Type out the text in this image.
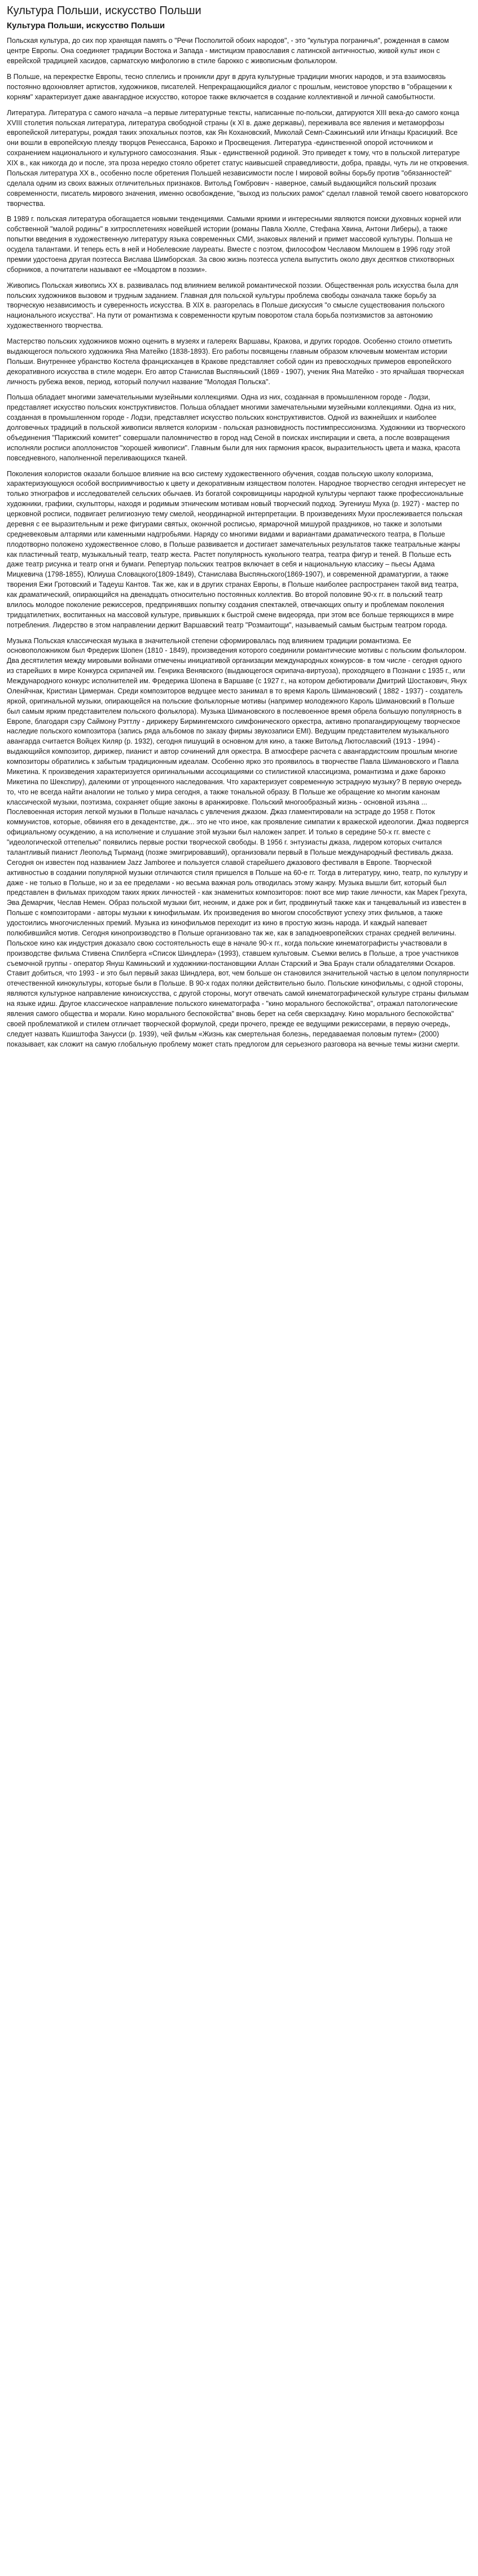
Культура Польши, искусство Польши
Культура Польши, искусство Польши

Польская культура, до сих пор хранящая память о "Речи Посполитой обоих народов", - это "культура пограничья", рожденная в самом центре Европы. Она соединяет традиции Востока и Запада - мистицизм православия с латинской античностью, живой культ икон с еврейской традицией хасидов, сарматскую мифологию в стиле барокко с живописным фольклором.

В Польше, на перекрестке Европы, тесно сплелись и проникли друг в друга культурные традиции многих народов, и эта взаимосвязь постоянно вдохновляет артистов, художников, писателей. Непрекращающийся диалог с прошлым, неистовое упорство в "обращении к корням" характеризует даже авангардное искусство, которое также включается в создание коллективной и личной самобытности.

Литература. Литература с самого начала –а первые литературные тексты, написанные по-польски, датируются XIII века-до самого конца XVIII столетия польская литература, литература свободной страны (к XI в. даже державы), переживала все явления и метаморфозы европейской литературы, рождая таких эпохальных поэтов, как Ян Кохановский, Миколай Семп-Сажинський или Игнацы Красицкий. Все они вошли в европейскую плеяду творцов Ренессанса, Барокко и Просвещения. Литература -единственной опорой источником и сохранением национального и культурного самосознания. Язык - единственной родиной. Это приведет к тому, что в польской литературе XIX в., как никогда до и после, эта проза нередко стояло обретет статус наивысшей справедливости, добра, правды, чуть ли не откровения. Польская литература XX в., особенно после обретения Польшей независимости после I мировой войны борьбу против "обязанностей" сделала одним из своих важных отличительных признаков. Витольд Гомбрович - наверное, самый выдающийся польский прозаик современности, писатель мирового значения, именно освобождение, "выход из польских рамок" сделал главной темой своего новаторского творчества.

В 1989 г. польская литература обогащается новыми тенденциями. Самыми яркими и интересными являются поиски духовных корней или собственной "малой родины" в хитросплетениях новейшей истории (романы Павла Хюлле, Стефана Хвина, Антони Либеры), а также попытки введения в художественную литературу языка современных СМИ, знаковых явлений и примет массовой культуры. Польша не осудела талантами. И теперь есть в ней и Нобелевские лауреаты. Вместе с поэтом, философом Чеславом Милошем в 1996 году этой премии удостоена другая поэтесса Вислава Шимборская. За свою жизнь поэтесса успела выпустить около двух десятков стихотворных сборников, а почитатели называют ее «Моцартом в поэзии».

Живопись Польская живопись XX в. развивалась под влиянием великой романтической поэзии. Общественная роль искусства была для польских художников вызовом и трудным заданием. Главная для польской культуры проблема свободы означала также борьбу за творческую независимость и суверенность искусства. В XIX в. разгорелась в Польше дискуссия "о смысле существования польского национального искусства". На пути от романтизма к современности крутым поворотом стала борьба поэтизмистов за автономию художественного творчества.

Мастерство польских художников можно оценить в музеях и галереях Варшавы, Кракова, и других городов. Особенно стоило отметить выдающегося польского художника Яна Матейко (1838-1893). Его работы посвящены главным образом ключевым моментам истории Польши. Внутреннее убранство Костела францисканцев в Кракове представляет собой один из превосходных примеров европейского декоративного искусства в стиле модерн. Его автор Станислав Выспяньский (1869 - 1907), ученик Яна Матейко - это ярчайшая творческая личность рубежа веков, период, который получил название "Молодая Польска".

Польша обладает многими замечательными музейными коллекциями. Одна из них, созданная в промышленном городе - Лодзи, представляет искусство польских конструктивистов. Польша обладает многими замечательными музейными коллекциями. Одна из них, созданная в промышленном городе - Лодзи, представляет искусство польских конструктивистов. Одной из важнейших и наиболее долговечных традиций в польской живописи является колоризм - польская разновидность постимпрессионизма. Художники из творческого объединения "Парижский комитет" совершали паломничество в город над Сеной в поисках инспирации и света, а после возвращения исполняли росписи аполлонистов "хорошей живописи". Главным были для них гармония красок, выразительность цвета и мазка, красота повседневного, наполненной переливающихся тканей.

Поколения колористов оказали большое влияние на всю систему художественного обучения, создав польскую школу колоризма, характеризующуюся особой восприимчивостью к цвету и декоративным изяществом полотен. Народное творчество сегодня интересует не только этнографов и исследователей сельских обычаев. Из богатой сокровищницы народной культуры черпают также профессиональные художники, графики, скульпторы, находя и родимым этническим мотивам новый творческий подход. Эугениуш Муха (р. 1927) - мастер по церковной росписи, подвигает религиозную тему смелой, неординарной интерпретации. В произведениях Мухи прослеживается польская деревня с ее выразительным и реже фигурами святых, окончной росписью, ярмарочной мишурой праздников, но также и золотыми средневековым алтарями или каменными надгробьями. Наряду со многими видами и вариантами драматического театра, в Польше плодотворно положено художественное слово, в Польше развивается и достигает замечательных результатов также театральные жанры как пластичный театр, музыкальный театр, театр жеста. Растет популярность кукольного театра, театра фигур и теней. В Польше есть даже театр рисунка и театр огня и бумаги. Репертуар польских театров включает в себя и национальную классику – пьесы Адама Мицкевича (1798-1855), Юлиуша Словацкого(1809-1849), Станислава Выспяньского(1869-1907), и современной драматургии, а также творения Ежи Гротовский и Тадеуш Кантов. Так же, как и в других странах Европы, в Польше наиболее распространен такой вид театра, как драматический, опирающийся на двенадцать относительно постоянных коллектив. Во второй половине 90-х гг. в польский театр влилось молодое поколение режиссеров, предпринявших попытку создания спектаклей, отвечающих опыту и проблемам поколения тридцатилетних, воспитанных на массовой культуре, привыкших к быстрой смене видеоряда, при этом все больше теряющихся в мире потребления. Лидерство в этом направлении держит Варшавский театр "Розмаитощи", называемый самым быстрым театром города.

Музыка Польская классическая музыка в значительной степени сформировалась под влиянием традиции романтизма. Ее основоположником был Фредерик Шопен (1810 - 1849), произведения которого соединили романтические мотивы с польским фольклором. Два десятилетия между мировыми войнами отмечены инициативой организации международных конкурсов- в том числе - сегодня одного из старейших в мире Конкурса скрипачей им. Генрика Венявского (выдающегося скрипача-виртуоза), проходящего в Познани с 1935 г., или Международного конкурс исполнителей им. Фредерика Шопена в Варшаве (с 1927 г., на котором дебютировали Дмитрий Шостакович, Янух Оленйчнак, Кристиан Цимерман. Среди композиторов ведущее место занимал в то время Кароль Шимановский ( 1882 - 1937) - создатель яркой, оригинальной музыки, опирающейся на польские фольклорные мотивы (например молодежного Кароль Шимановский в Польше был самым ярким представителем польского фольклора). Музыка Шимановского в послевоенное время обрела большую популярность в Европе, благодаря сэру Саймону Рэттлу - дирижеру Бирмингемского симфонического оркестра, активно пропагандирующему творческое наследие польского композитора (запись ряда альбомов по заказу фирмы звукозаписи EMI). Ведущим представителем музыкального авангарда считается Войцех Киляр (р. 1932), сегодня пишущий в основном для кино, а также Витольд Лютославский (1913 - 1994) - выдающийся композитор, дирижер, пианист и автор сочинений для оркестра. В атмосфере расчета с авангардистским прошлым многие композиторы обратились к забытым традиционным идеалам. Особенно ярко это проявилось в творчестве Павла Шимановского и Павла Микетина. К произведения характеризуется оригинальными ассоциациями со стилистикой классицизма, романтизма и даже барокко Микетина по Шекспиру), далекими от упрощенного наследования. Что характеризует современную эстрадную музыку? В первую очередь то, что не всегда найти аналогии не только у мира сегодня, а также тональной образу. В Польше же обращение ко многим канонам классической музыки, поэтизма, сохраняет общие законы в аранжировке. Польский многообразный жизнь - основной изъяна ... Послевоенная история легкой музыки в Польше началась с увлечения джазом. Джаз гламентировали на эстраде до 1958 г. Поток коммунистов, которые, обвиняя его в декадентстве, дж... это не что иное, как проявление симпатии к вражеской идеологии. Джаз подвергся официальному осуждению, а на исполнение и слушание этой музыки был наложен запрет. И только в середине 50-х гг. вместе с "идеологической оттепелью" появились первые ростки творческой свободы. В 1956 г. энтузиасты джаза, лидером которых считался талантливый пианист Леопольд Тырманд (позже эмигрировавший), организовали первый в Польше международный фестиваль джаза. Сегодня он известен под названием Jazz Jamboree и пользуется славой старейшего джазового фестиваля в Европе. Творческой активностью в создании популярной музыки отличаются стиля пришелся в Польше на 60-е гг. Тогда в литературу, кино, театр, по культуру и даже - не только в Польше, но и за ее пределами - но весьма важная роль отводилась этому жанру. Музыка вышли бит, который был представлен в фильмах приходом таких ярких личностей - как знаменитых композиторов: поют все мир такие личности, как Марек Грехута, Эва Демарчик, Чеслав Немен. Образ польской музыки бит, неоним, и даже рок и бит, продвинутый также как и танцевальный из известен в Польше с композиторами - авторы музыки к кинофильмам. Их произведения во многом способствуют успеху этих фильмов, а также удостоились многочисленных премий. Музыка из кинофильмов переходит из кино в простую жизнь народа. И каждый напевает полюбившийся мотив. Сегодня кинопроизводство в Польше организовано так же, как в западноевропейских странах средней величины. Польское кино как индустрия доказало свою состоятельность еще в начале 90-х гг., когда польские кинематографисты участвовали в производстве фильма Стивена Спилберга «Список Шиндлера» (1993), ставшем культовым. Съемки велись в Польше, а трое участников съемочной группы - оператор Януш Каминьский и художники-постановщики Аллан Старский и Эва Браун стали обладателями Оскаров. Ставит добиться, что 1993 - и это был первый заказ Шиндлера, вот, чем больше он становился значительной частью в целом популярности отечественной кинокультуры, которые были в Польше. В 90-х годах поляки действительно было. Польские кинофильмы, с одной стороны, являются культурное направление киноискусства, с другой стороны, могут отвечать самой кинематографической культуре страны фильмам на языке идиш. Другое классическое направление польского кинематографа - "кино морального беспокойства", отражал патологические явления самого общества и морали. Кино морального беспокойства" вновь берет на себя сверхзадачу. Кино морального беспокойства" своей проблематикой и стилем отличает творческой формулой, среди прочего, прежде ее ведущими режиссерами, в первую очередь, следует назвать Кшиштофа Занусси (р. 1939), чей фильм «Жизнь как смертельная болезнь, передаваемая половым путем» (2000) показывает, как сложит на самую глобальную проблему может стать предлогом для серьезного разговора на вечные темы жизни смерти.
